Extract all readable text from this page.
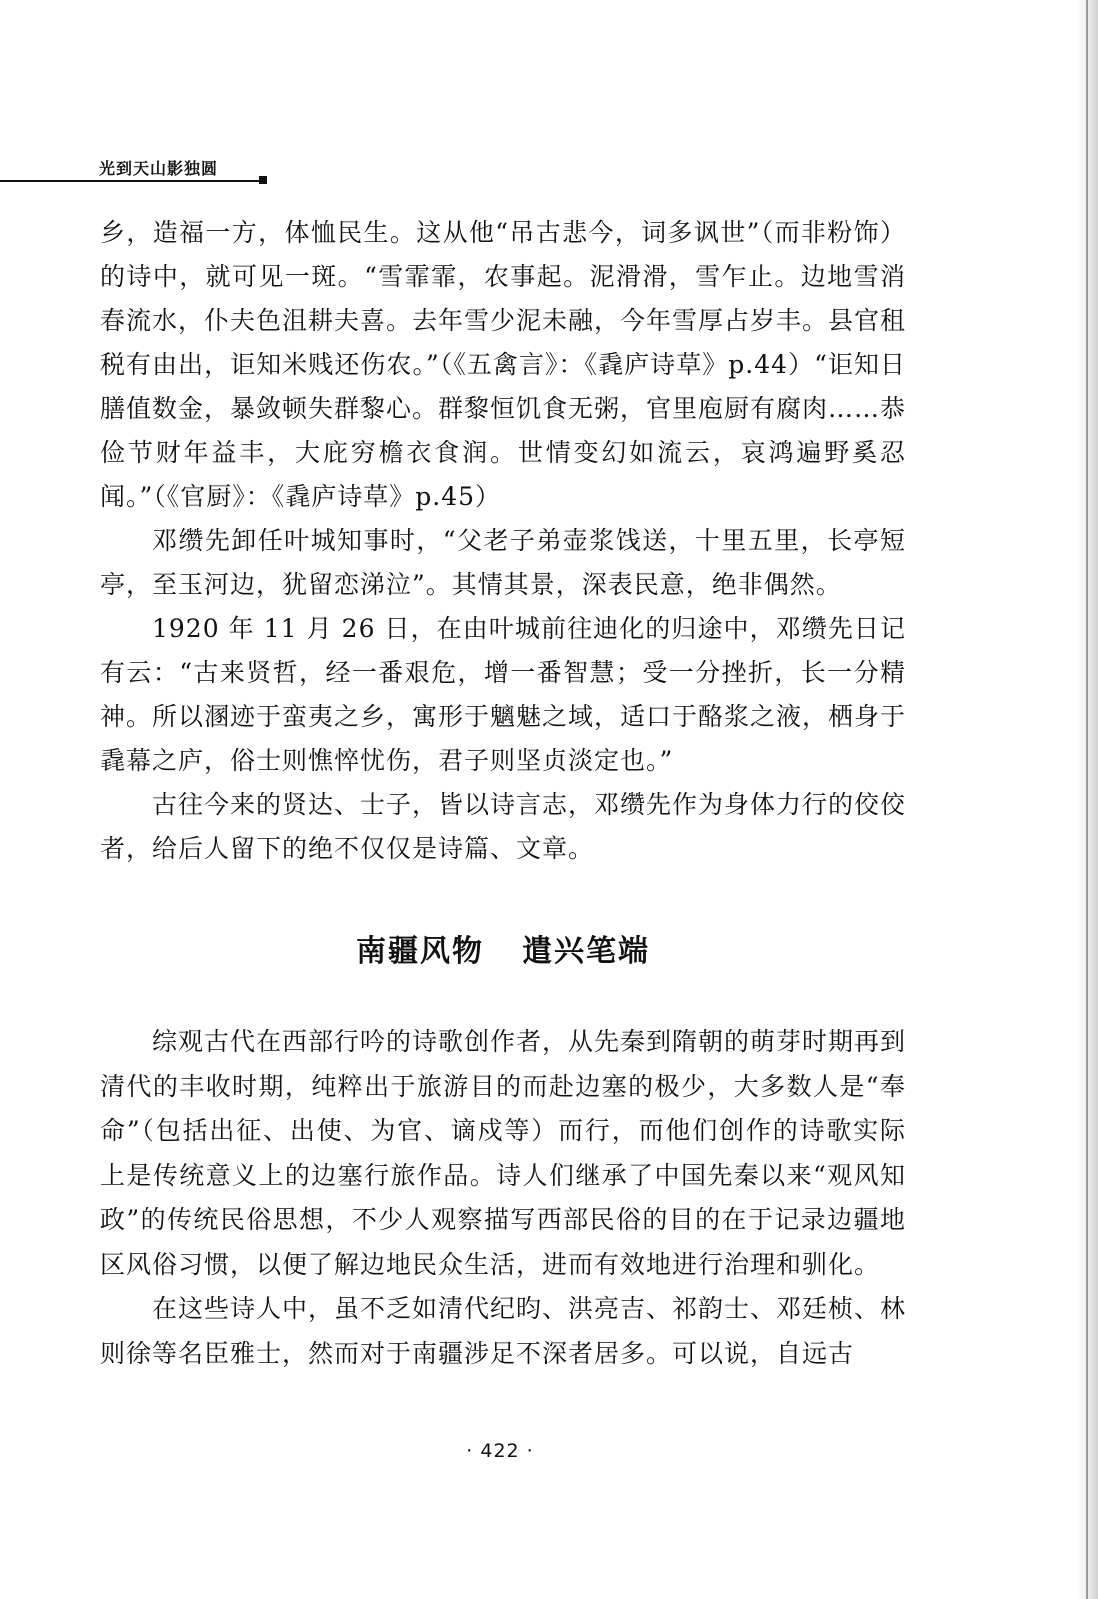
光到天山影独圆

乡，造福一方，体恤民生。这从他“吊古悲今，词多讽世”（而非粉饰）的诗中，就可见一斑。“雪霏霏，农事起。泥滑滑，雪乍止。边地雪消春流水，仆夫色沮耕夫喜。去年雪少泥未融，今年雪厚占岁丰。县官租税有由出，讵知米贱还伤农。”（《五禽言》：《毳庐诗草》p.44）“讵知日膳值数金，暴敛顿失群黎心。群黎恒饥食无粥，官里庖厨有腐肉……恭俭节财年益丰，大庇穷檐衣食润。世情变幻如流云，哀鸿遍野奚忍闻。”（《官厨》：《毳庐诗草》p.45）

邓缵先卸任叶城知事时，“父老子弟壶浆饯送，十里五里，长亭短亭，至玉河边，犹留恋涕泣”。其情其景，深表民意，绝非偶然。

1920 年 11 月 26 日，在由叶城前往迪化的归途中，邓缵先日记有云：“古来贤哲，经一番艰危，增一番智慧；受一分挫折，长一分精神。所以溷迹于蛮夷之乡，寓形于魑魅之域，适口于酪浆之液，栖身于毳幕之庐，俗士则憔悴忧伤，君子则坚贞淡定也。”

古往今来的贤达、士子，皆以诗言志，邓缵先作为身体力行的佼佼者，给后人留下的绝不仅仅是诗篇、文章。

南疆风物 遣兴笔端

综观古代在西部行吟的诗歌创作者，从先秦到隋朝的萌芽时期再到清代的丰收时期，纯粹出于旅游目的而赴边塞的极少，大多数人是“奉命”（包括出征、出使、为官、谪戍等）而行，而他们创作的诗歌实际上是传统意义上的边塞行旅作品。诗人们继承了中国先秦以来“观风知政”的传统民俗思想，不少人观察描写西部民俗的目的在于记录边疆地区风俗习惯，以便了解边地民众生活，进而有效地进行治理和驯化。

在这些诗人中，虽不乏如清代纪昀、洪亮吉、祁韵士、邓廷桢、林则徐等名臣雅士，然而对于南疆涉足不深者居多。可以说，自远古

· 422 ·
